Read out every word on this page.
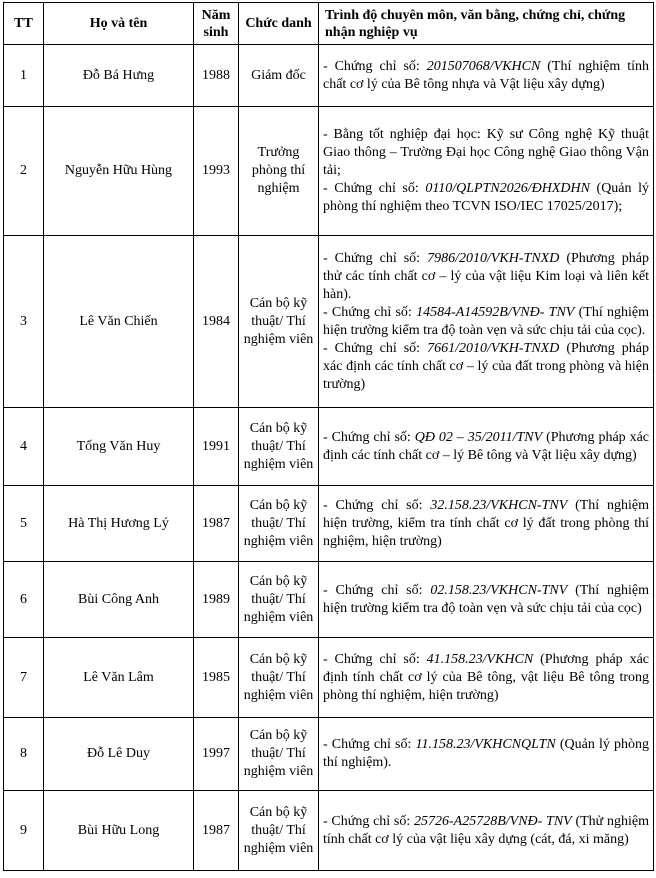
TT	Họ và tên	Năm sinh	Chức danh	Trình độ chuyên môn, văn bằng, chứng chỉ, chứng nhận nghiệp vụ
1	Đỗ Bá Hưng	1988	Giám đốc	- Chứng chỉ số: 201507068/VKHCN (Thí nghiệm tính chất cơ lý của Bê tông nhựa và Vật liệu xây dựng)

2	Nguyễn Hữu Hùng	1993	Trưởng phòng thí nghiệm	- Bằng tốt nghiệp đại học: Kỹ sư Công nghệ Kỹ thuật Giao thông – Trường Đại học Công nghệ Giao thông Vận tải;
- Chứng chỉ số: 0110/QLPTN2026/ĐHXDHN (Quản lý phòng thí nghiệm theo TCVN ISO/IEC 17025/2017);

3	Lê Văn Chiến	1984	Cán bộ kỹ thuật/ Thí nghiệm viên	- Chứng chỉ số: 7986/2010/VKH-TNXD (Phương pháp thử các tính chất cơ – lý của vật liệu Kim loại và liên kết hàn).
- Chứng chỉ số: 14584-A14592B/VNĐ- TNV (Thí nghiệm hiện trường kiểm tra độ toàn vẹn và sức chịu tải của cọc).
- Chứng chỉ số: 7661/2010/VKH-TNXD (Phương pháp xác định các tính chất cơ – lý của đất trong phòng và hiện trường)

4	Tống Văn Huy	1991	Cán bộ kỹ thuật/ Thí nghiệm viên	- Chứng chỉ số: QĐ 02 – 35/2011/TNV (Phương pháp xác định các tính chất cơ – lý Bê tông và Vật liệu xây dựng)

5	Hà Thị Hương Lý	1987	Cán bộ kỹ thuật/ Thí nghiệm viên	- Chứng chỉ số: 32.158.23/VKHCN-TNV (Thí nghiệm hiện trường, kiểm tra tính chất cơ lý đất trong phòng thí nghiệm, hiện trường)

6	Bùi Công Anh	1989	Cán bộ kỹ thuật/ Thí nghiệm viên	- Chứng chỉ số: 02.158.23/VKHCN-TNV (Thí nghiệm hiện trường kiểm tra độ toàn vẹn và sức chịu tải của cọc)

7	Lê Văn Lâm	1985	Cán bộ kỹ thuật/ Thí nghiệm viên	- Chứng chỉ số: 41.158.23/VKHCN (Phương pháp xác định tính chất cơ lý của Bê tông, vật liệu Bê tông trong phòng thí nghiệm, hiện trường)

8	Đỗ Lê Duy	1997	Cán bộ kỹ thuật/ Thí nghiệm viên	- Chứng chỉ số: 11.158.23/VKHCNQLTN (Quản lý phòng thí nghiệm).

9	Bùi Hữu Long	1987	Cán bộ kỹ thuật/ Thí nghiệm viên	- Chứng chỉ số: 25726-A25728B/VNĐ- TNV (Thử nghiệm tính chất cơ lý của vật liệu xây dựng (cát, đá, xi măng)
